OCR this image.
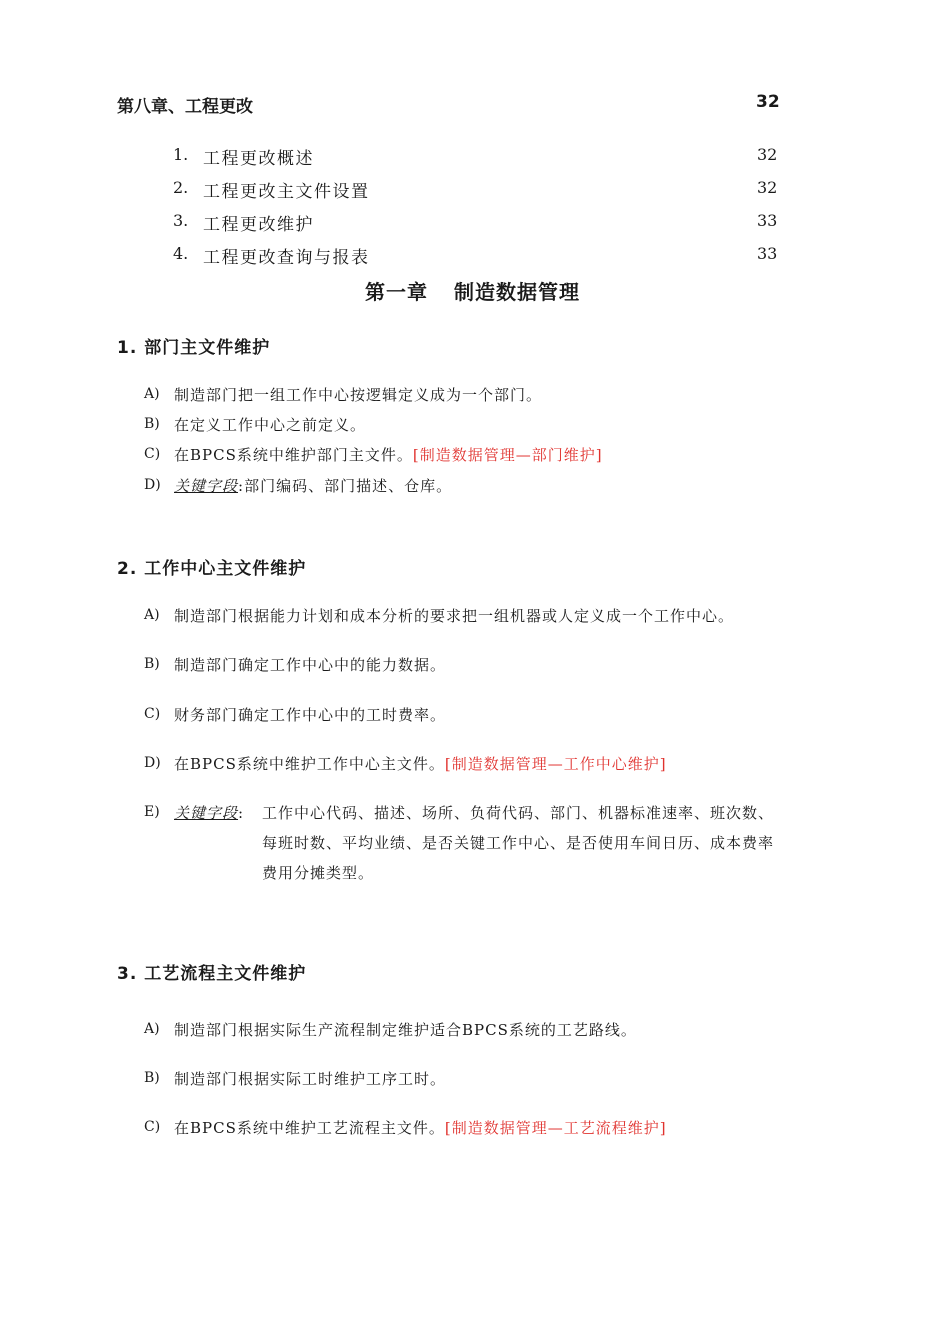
第八章、工程更改	32
1. 工程更改概述	32
2. 工程更改主文件设置	32
3. 工程更改维护	33
4. 工程更改查询与报表	33
第一章 制造数据管理
1. 部门主文件维护
A) 制造部门把一组工作中心按逻辑定义成为一个部门。
B) 在定义工作中心之前定义。
C) 在BPCS系统中维护部门主文件。[制造数据管理—部门维护]
D) 关键字段:部门编码、部门描述、仓库。
2. 工作中心主文件维护
A) 制造部门根据能力计划和成本分析的要求把一组机器或人定义成一个工作中心。
B) 制造部门确定工作中心中的能力数据。
C) 财务部门确定工作中心中的工时费率。
D) 在BPCS系统中维护工作中心主文件。[制造数据管理—工作中心维护]
E) 关键字段: 工作中心代码、描述、场所、负荷代码、部门、机器标准速率、班次数、
每班时数、平均业绩、是否关键工作中心、是否使用车间日历、成本费率
费用分摊类型。
3. 工艺流程主文件维护
A) 制造部门根据实际生产流程制定维护适合BPCS系统的工艺路线。
B) 制造部门根据实际工时维护工序工时。
C) 在BPCS系统中维护工艺流程主文件。[制造数据管理—工艺流程维护]
